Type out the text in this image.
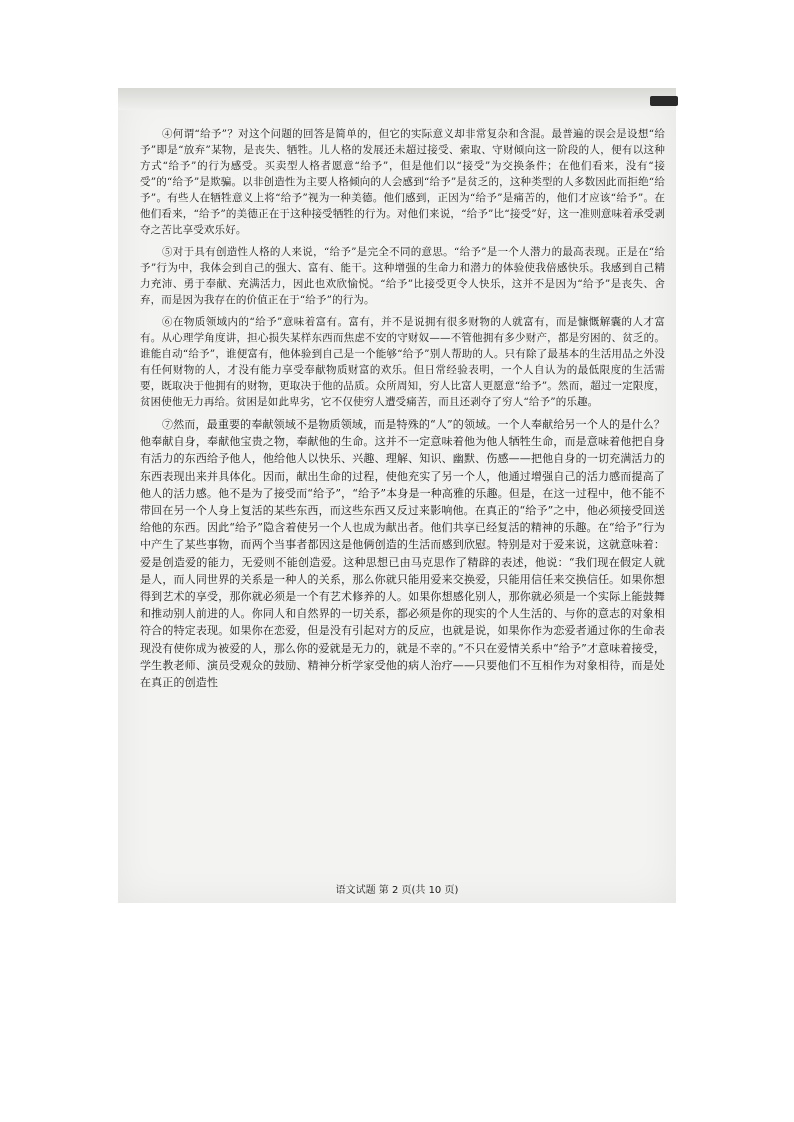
④何谓“给予”？对这个问题的回答是简单的，但它的实际意义却非常复杂和含混。最普遍的误会是设想“给予”即是“放弃”某物，是丧失、牺牲。儿人格的发展还未超过接受、索取、守财倾向这一阶段的人，便有以这种方式“给予”的行为感受。买卖型人格者愿意“给予”，但是他们以“接受”为交换条件；在他们看来，没有“接受”的“给予”是欺骗。以非创造性为主要人格倾向的人会感到“给予”是贫乏的，这种类型的人多数因此而拒绝“给予”。有些人在牺牲意义上将“给予”视为一种美德。他们感到，正因为“给予”是痛苦的，他们才应该“给予”。在他们看来，“给予”的美德正在于这种接受牺牲的行为。对他们来说，“给予”比“接受”好，这一准则意味着承受剥夺之苦比享受欢乐好。

⑤对于具有创造性人格的人来说，“给予”是完全不同的意思。“给予”是一个人潜力的最高表现。正是在“给予”行为中，我体会到自己的强大、富有、能干。这种增强的生命力和潜力的体验使我倍感快乐。我感到自己精力充沛、勇于奉献、充满活力，因此也欢欣愉悦。“给予”比接受更令人快乐，这并不是因为“给予”是丧失、舍弃，而是因为我存在的价值正在于“给予”的行为。

⑥在物质领域内的“给予”意味着富有。富有，并不是说拥有很多财物的人就富有，而是慷慨解囊的人才富有。从心理学角度讲，担心损失某样东西而焦虑不安的守财奴——不管他拥有多少财产，都是穷困的、贫乏的。谁能自动“给予”，谁便富有，他体验到自己是一个能够“给予”别人帮助的人。只有除了最基本的生活用品之外没有任何财物的人，才没有能力享受奉献物质财富的欢乐。但日常经验表明，一个人自认为的最低限度的生活需要，既取决于他拥有的财物，更取决于他的品质。众所周知，穷人比富人更愿意“给予”。然而，超过一定限度，贫困使他无力再给。贫困是如此卑劣，它不仅使穷人遭受痛苦，而且还剥夺了穷人“给予”的乐趣。

⑦然而，最重要的奉献领域不是物质领域，而是特殊的“人”的领域。一个人奉献给另一个人的是什么？他奉献自身，奉献他宝贵之物，奉献他的生命。这并不一定意味着他为他人牺牲生命，而是意味着他把自身有活力的东西给予他人，他给他人以快乐、兴趣、理解、知识、幽默、伤感——把他自身的一切充满活力的东西表现出来并具体化。因而，献出生命的过程，使他充实了另一个人，他通过增强自己的活力感而提高了他人的活力感。他不是为了接受而“给予”，“给予”本身是一种高雅的乐趣。但是，在这一过程中，他不能不带回在另一个人身上复活的某些东西，而这些东西又反过来影响他。在真正的“给予”之中，他必须接受回送给他的东西。因此“给予”隐含着使另一个人也成为献出者。他们共享已经复活的精神的乐趣。在“给予”行为中产生了某些事物，而两个当事者都因这是他俩创造的生活而感到欣慰。特别是对于爱来说，这就意味着：爱是创造爱的能力，无爱则不能创造爱。这种思想已由马克思作了精辟的表述，他说：“我们现在假定人就是人，而人同世界的关系是一种人的关系，那么你就只能用爱来交换爱，只能用信任来交换信任。如果你想得到艺术的享受，那你就必须是一个有艺术修养的人。如果你想感化别人，那你就必须是一个实际上能鼓舞和推动别人前进的人。你同人和自然界的一切关系，都必须是你的现实的个人生活的、与你的意志的对象相符合的特定表现。如果你在恋爱，但是没有引起对方的反应，也就是说，如果你作为恋爱者通过你的生命表现没有使你成为被爱的人，那么你的爱就是无力的，就是不幸的。”不只在爱情关系中“给予”才意味着接受，学生教老师、演员受观众的鼓励、精神分析学家受他的病人治疗——只要他们不互相作为对象相待，而是处在真正的创造性

语文试题 第 2 页(共 10 页)
